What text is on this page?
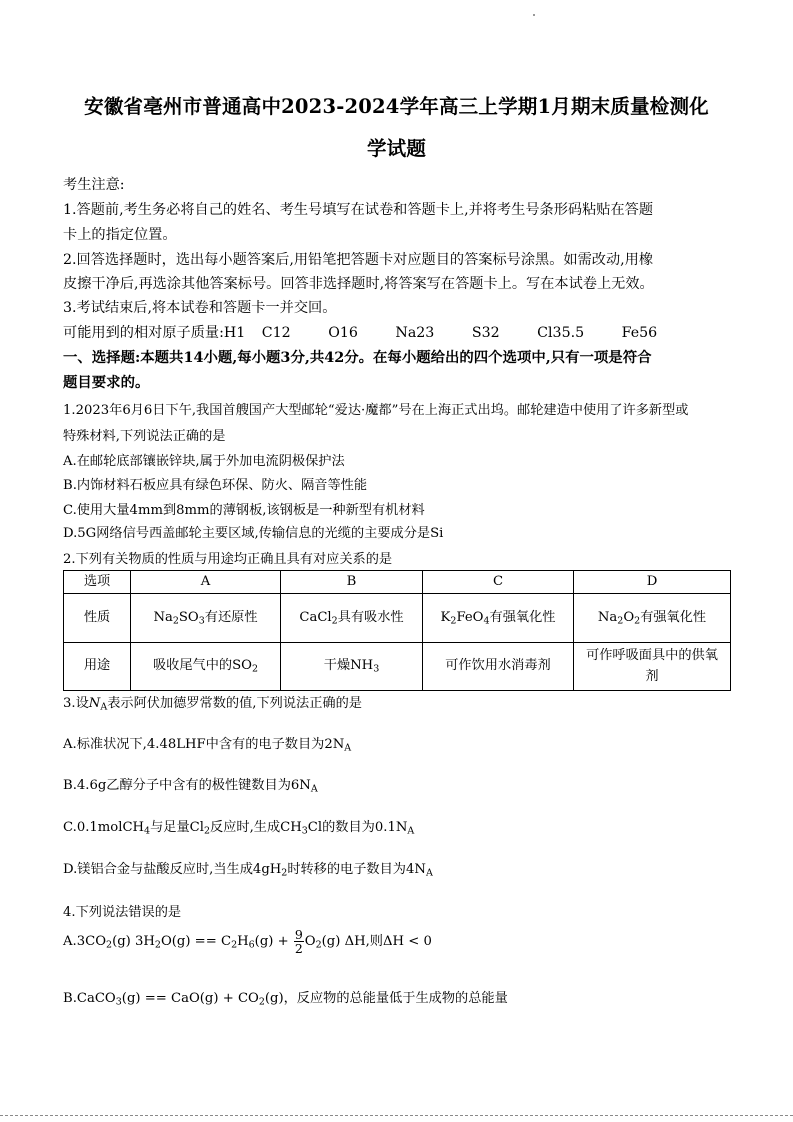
安徽省亳州市普通高中2023-2024学年高三上学期1月期末质量检测化
学试题
考生注意:
1.答题前,考生务必将自己的姓名、考生号填写在试卷和答题卡上,并将考生号条形码粘贴在答题
卡上的指定位置。
2.回答选择题时，选出每小题答案后,用铅笔把答题卡对应题目的答案标号涂黑。如需改动,用橡
皮擦干净后,再选涂其他答案标号。回答非选择题时,将答案写在答题卡上。写在本试卷上无效。
3.考试结束后,将本试卷和答题卡一并交回。
可能用到的相对原子质量:H1 C12	O16	Na23	S32	Cl35.5	Fe56
一、选择题:本题共14小题,每小题3分,共42分。在每小题给出的四个选项中,只有一项是符合
题目要求的。
1.2023年6月6日下午,我国首艘国产大型邮轮“爱达·魔都”号在上海正式出坞。邮轮建造中使用了许多新型或
特殊材料,下列说法正确的是
A.在邮轮底部镶嵌锌块,属于外加电流阴极保护法
B.内饰材料石板应具有绿色环保、防火、隔音等性能
C.使用大量4mm到8mm的薄钢板,该钢板是一种新型有机材料
D.5G网络信号西盖邮轮主要区域,传输信息的光缆的主要成分是Si
2.下列有关物质的性质与用途均正确且具有对应关系的是
选项	A	B	C	D
性质	$Na_2SO_3$有还原性	CaCl$_2$具有吸水性	$K_2FeO_4$有强氧化性	$Na_2O_2$有强氧化性
用途	吸收尾气中的$SO_2$	干燥$NH_3$	可作饮用水消毒剂	可作呼吸面具中的供氧剂
3.设$N_A$表示阿伏加德罗常数的值,下列说法正确的是
A.标准状况下,4.48LHF中含有的电子数目为$2N_A$
B.4.6g乙醇分子中含有的极性键数目为$6N_A$
C.0.1molCH$_4$与足量$Cl_2$反应时,生成$CH_3Cl$的数目为$0.1N_A$
D.镁铝合金与盐酸反应时,当生成$4gH_2$时转移的电子数目为$4N_A$
4.下列说法错误的是
$A.3CO_2(g) 3H_2O(g) == C_2H_6(g) + \frac{9}{2} O_2(g)$ ΔH,则ΔH < 0
B.CaCO$_3$(g) == $CaO(g) + CO_2(g)$，反应物的总能量低于生成物的总能量
